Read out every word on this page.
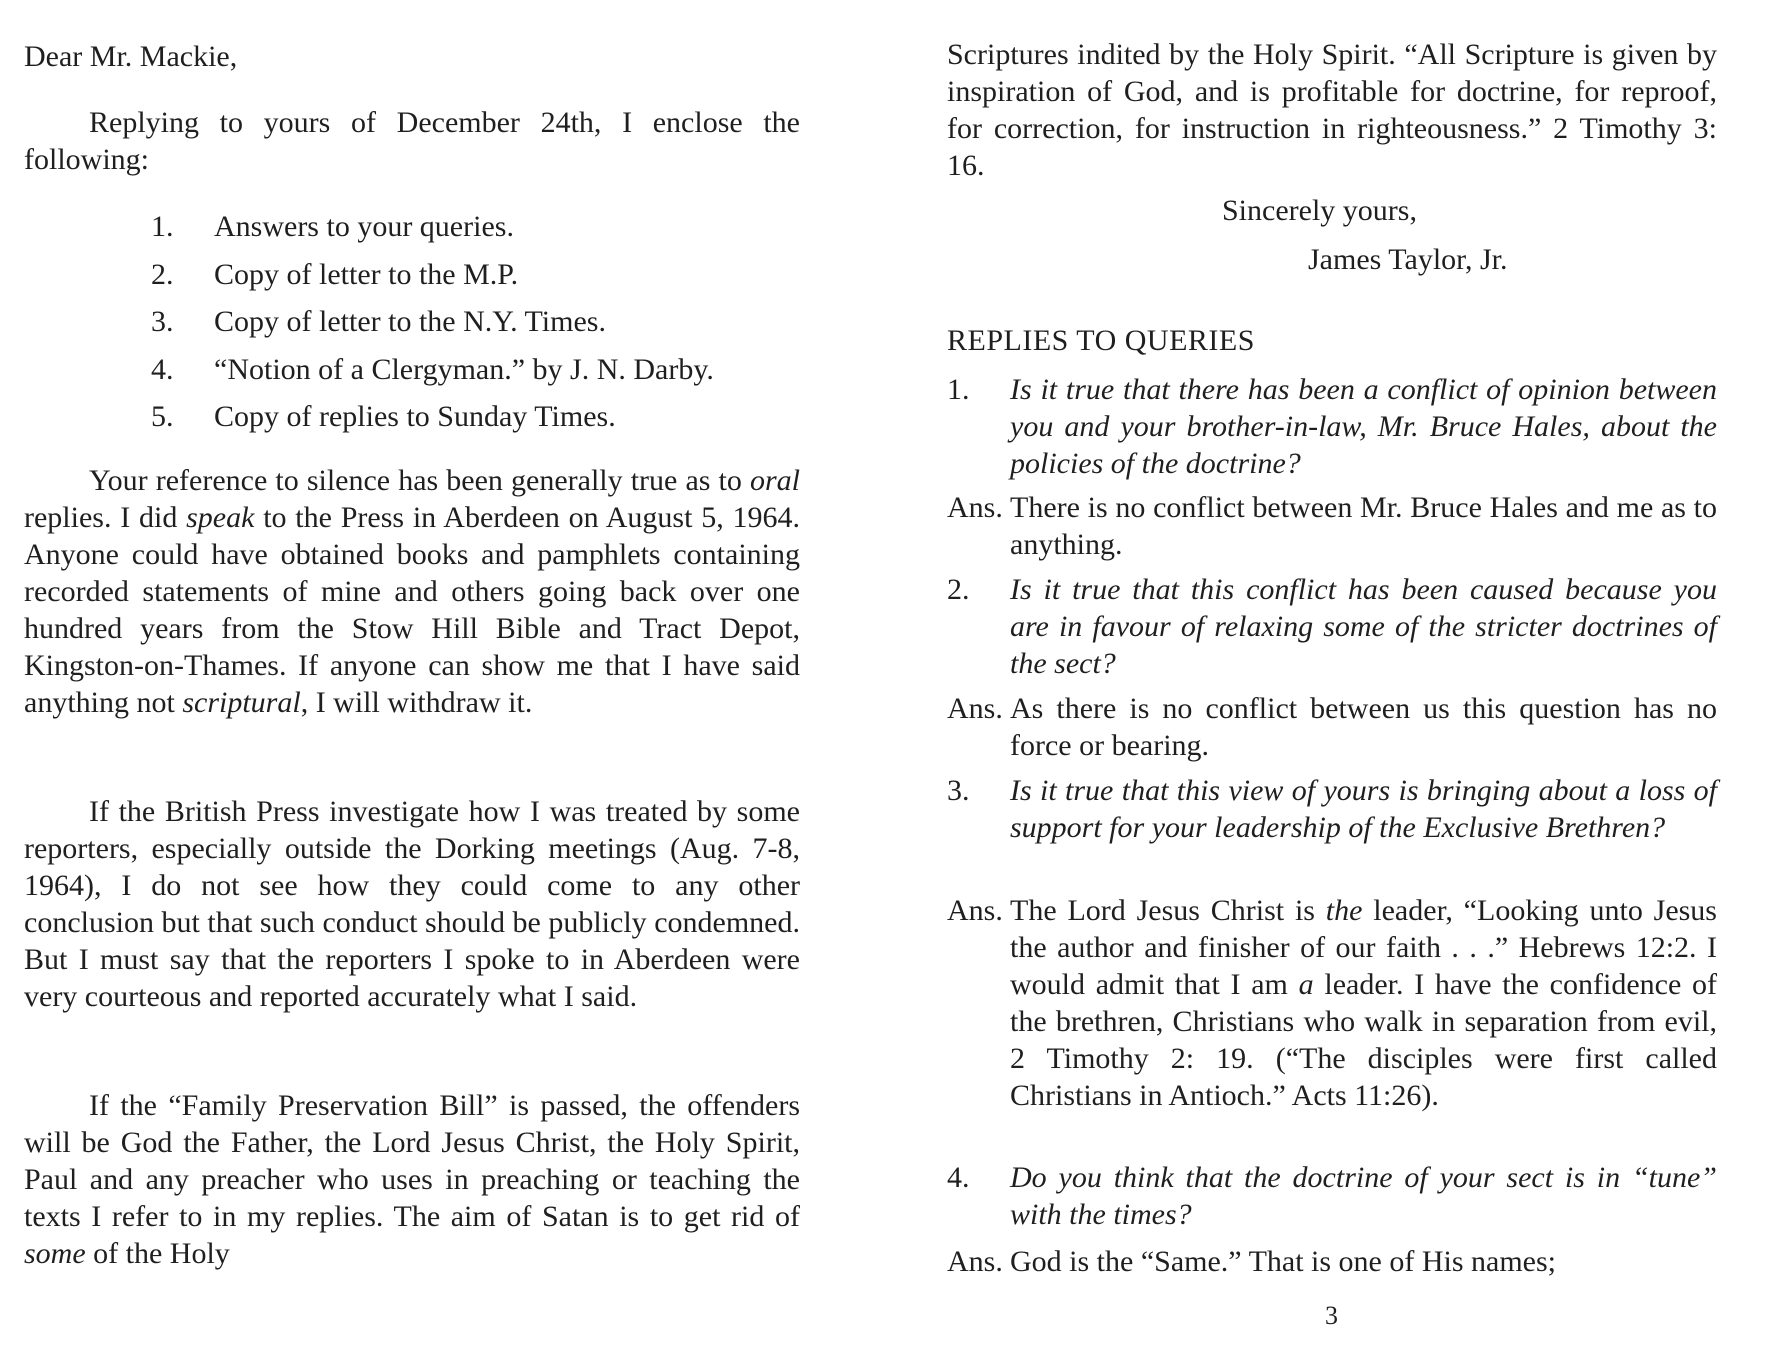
Dear Mr. Mackie,

Replying to yours of December 24th, I enclose the following:

1. Answers to your queries.
2. Copy of letter to the M.P.
3. Copy of letter to the N.Y. Times.
4. “Notion of a Clergyman.” by J. N. Darby.
5. Copy of replies to Sunday Times.

Your reference to silence has been generally true as to oral replies. I did speak to the Press in Aberdeen on August 5, 1964. Anyone could have obtained books and pamphlets containing recorded statements of mine and others going back over one hundred years from the Stow Hill Bible and Tract Depot, Kingston-on-Thames. If anyone can show me that I have said anything not scriptural, I will withdraw it.

If the British Press investigate how I was treated by some reporters, especially outside the Dorking meetings (Aug. 7-8, 1964), I do not see how they could come to any other conclusion but that such conduct should be publicly condemned. But I must say that the reporters I spoke to in Aberdeen were very courteous and reported accurately what I said.

If the “Family Preservation Bill” is passed, the offenders will be God the Father, the Lord Jesus Christ, the Holy Spirit, Paul and any preacher who uses in preaching or teaching the texts I refer to in my replies. The aim of Satan is to get rid of some of the Holy

Scriptures indited by the Holy Spirit. “All Scripture is given by inspiration of God, and is profitable for doctrine, for reproof, for correction, for instruction in righteousness.” 2 Timothy 3: 16.

Sincerely yours,
James Taylor, Jr.
REPLIES TO QUERIES
1.	Is it true that there has been a conflict of opinion between you and your brother-in-law, Mr. Bruce Hales, about the policies of the doctrine?

Ans. There is no conflict between Mr. Bruce Hales and me as to anything.

2.	Is it true that this conflict has been caused because you are in favour of relaxing some of the stricter doctrines of the sect?

Ans. As there is no conflict between us this question has no force or bearing.

3.	Is it true that this view of yours is bringing about a loss of support for your leadership of the Exclusive Brethren?

Ans. The Lord Jesus Christ is the leader, “Looking unto Jesus the author and finisher of our faith . . .” Hebrews 12:2. I would admit that I am a leader. I have the confidence of the brethren, Christians who walk in separation from evil, 2 Timothy 2: 19. (“The disciples were first called Christians in Antioch.” Acts 11:26).

4.	Do you think that the doctrine of your sect is in “tune” with the times?

Ans. God is the “Same.” That is one of His names;

3
